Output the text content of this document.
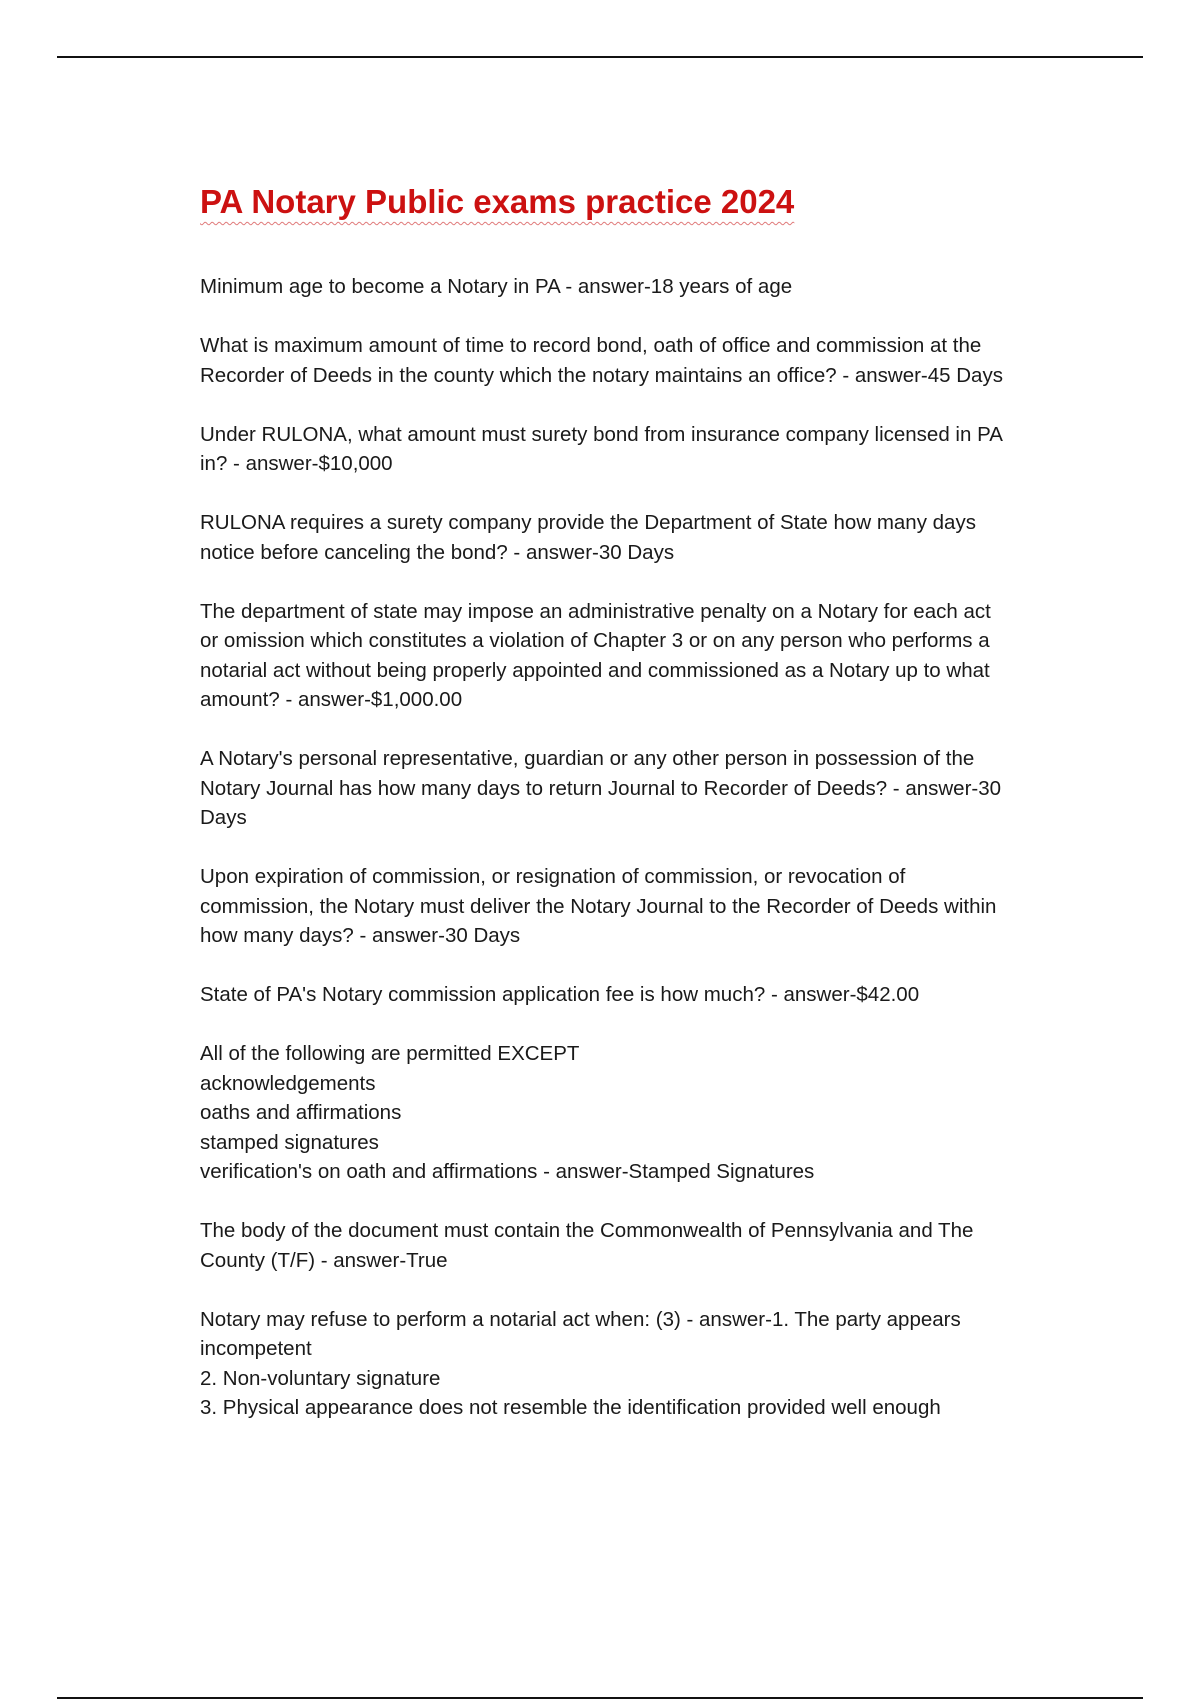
PA Notary Public exams practice 2024

Minimum age to become a Notary in PA - answer-18 years of age

What is maximum amount of time to record bond, oath of office and commission at the
Recorder of Deeds in the county which the notary maintains an office? - answer-45 Days

Under RULONA, what amount must surety bond from insurance company licensed in PA
in? - answer-$10,000

RULONA requires a surety company provide the Department of State how many days
notice before canceling the bond? - answer-30 Days

The department of state may impose an administrative penalty on a Notary for each act
or omission which constitutes a violation of Chapter 3 or on any person who performs a
notarial act without being properly appointed and commissioned as a Notary up to what
amount? - answer-$1,000.00

A Notary's personal representative, guardian or any other person in possession of the
Notary Journal has how many days to return Journal to Recorder of Deeds? - answer-30
Days

Upon expiration of commission, or resignation of commission, or revocation of
commission, the Notary must deliver the Notary Journal to the Recorder of Deeds within
how many days? - answer-30 Days

State of PA's Notary commission application fee is how much? - answer-$42.00

All of the following are permitted EXCEPT
acknowledgements
oaths and affirmations
stamped signatures
verification's on oath and affirmations - answer-Stamped Signatures

The body of the document must contain the Commonwealth of Pennsylvania and The
County (T/F) - answer-True

Notary may refuse to perform a notarial act when: (3) - answer-1. The party appears
incompetent
2. Non-voluntary signature
3. Physical appearance does not resemble the identification provided well enough
